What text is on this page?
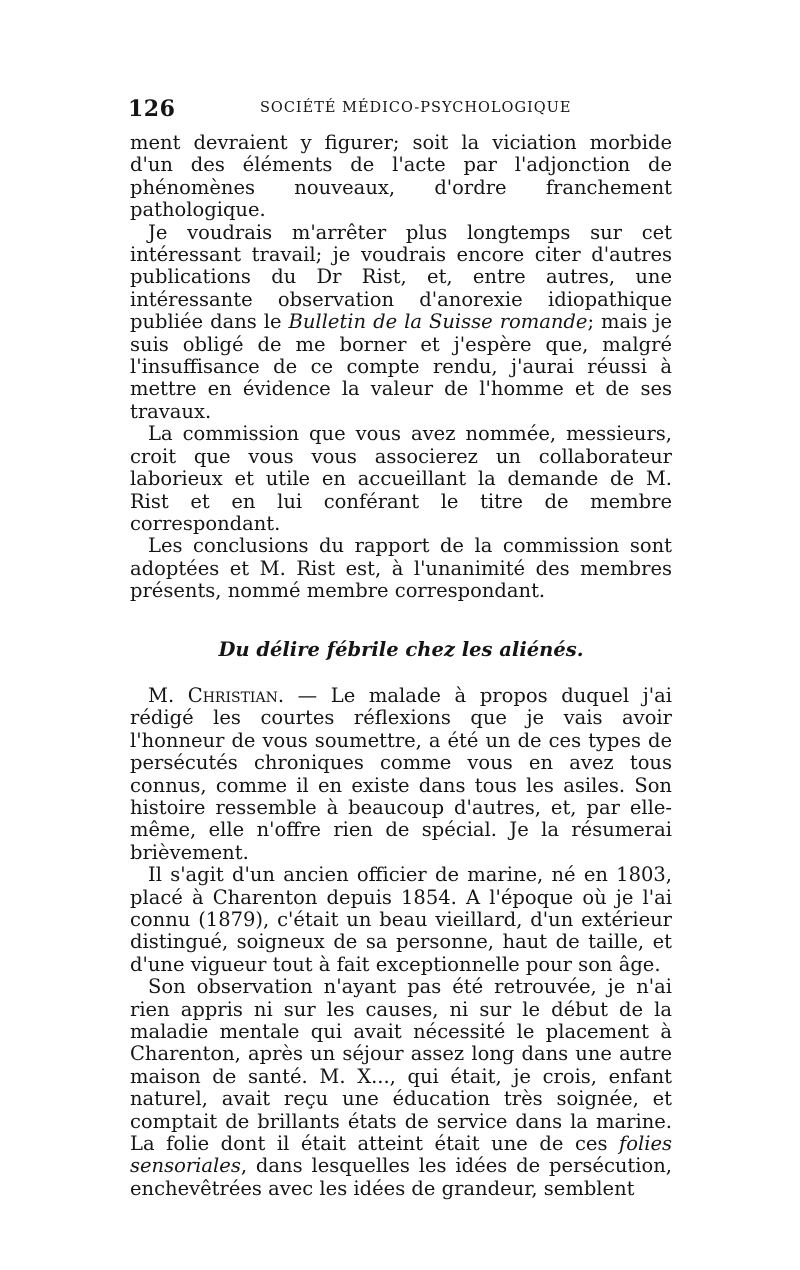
126	SOCIÉTÉ MÉDICO-PSYCHOLOGIQUE

ment devraient y figurer; soit la viciation morbide d'un des éléments de l'acte par l'adjonction de phénomènes nouveaux, d'ordre franchement pathologique.

Je voudrais m'arrêter plus longtemps sur cet intéressant travail; je voudrais encore citer d'autres publications du Dr Rist, et, entre autres, une intéressante observation d'anorexie idiopathique publiée dans le Bulletin de la Suisse romande; mais je suis obligé de me borner et j'espère que, malgré l'insuffisance de ce compte rendu, j'aurai réussi à mettre en évidence la valeur de l'homme et de ses travaux.

La commission que vous avez nommée, messieurs, croit que vous vous associerez un collaborateur laborieux et utile en accueillant la demande de M. Rist et en lui conférant le titre de membre correspondant.

Les conclusions du rapport de la commission sont adoptées et M. Rist est, à l'unanimité des membres présents, nommé membre correspondant.

Du délire fébrile chez les aliénés.

M. Christian. — Le malade à propos duquel j'ai rédigé les courtes réflexions que je vais avoir l'honneur de vous soumettre, a été un de ces types de persécutés chroniques comme vous en avez tous connus, comme il en existe dans tous les asiles. Son histoire ressemble à beaucoup d'autres, et, par elle-même, elle n'offre rien de spécial. Je la résumerai brièvement.

Il s'agit d'un ancien officier de marine, né en 1803, placé à Charenton depuis 1854. A l'époque où je l'ai connu (1879), c'était un beau vieillard, d'un extérieur distingué, soigneux de sa personne, haut de taille, et d'une vigueur tout à fait exceptionnelle pour son âge.

Son observation n'ayant pas été retrouvée, je n'ai rien appris ni sur les causes, ni sur le début de la maladie mentale qui avait nécessité le placement à Charenton, après un séjour assez long dans une autre maison de santé. M. X..., qui était, je crois, enfant naturel, avait reçu une éducation très soignée, et comptait de brillants états de service dans la marine. La folie dont il était atteint était une de ces folies sensoriales, dans lesquelles les idées de persécution, enchevêtrées avec les idées de grandeur, semblent
